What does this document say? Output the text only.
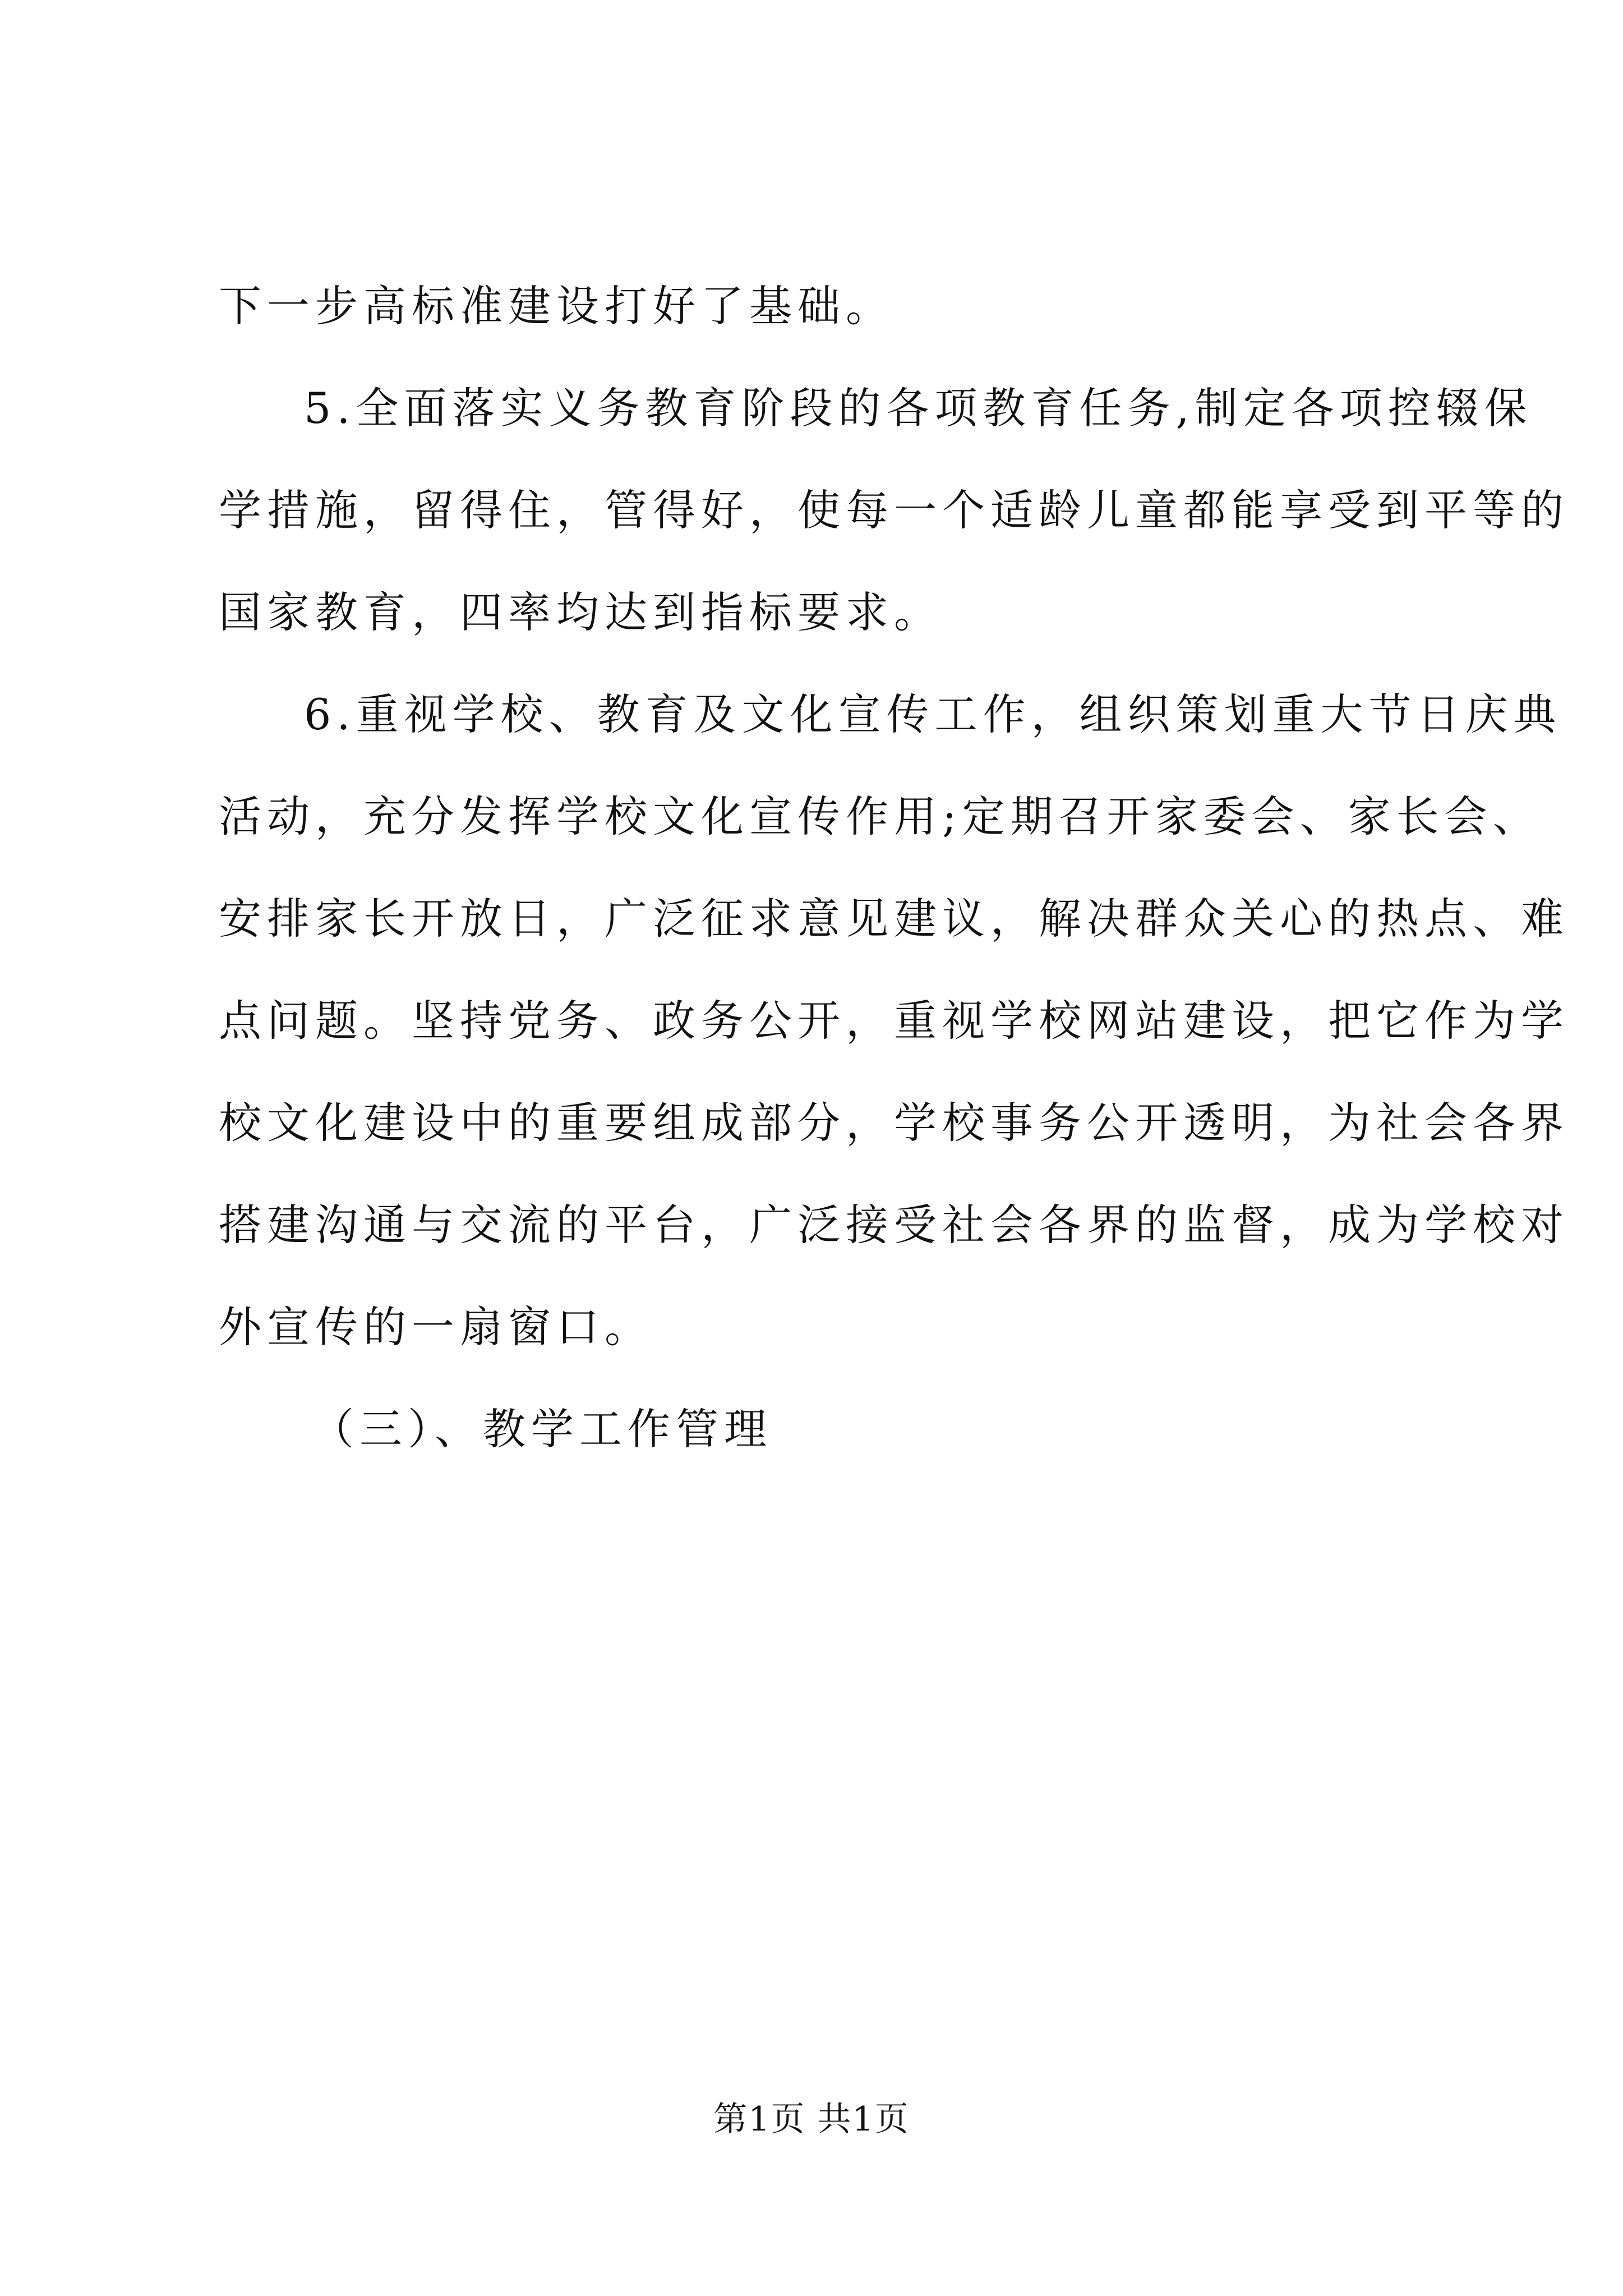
下一步高标准建设打好了基础。
5.全面落实义务教育阶段的各项教育任务,制定各项控辍保
学措施，留得住，管得好，使每一个适龄儿童都能享受到平等的
国家教育，四率均达到指标要求。
6.重视学校、教育及文化宣传工作，组织策划重大节日庆典
活动，充分发挥学校文化宣传作用;定期召开家委会、家长会、
安排家长开放日，广泛征求意见建议，解决群众关心的热点、难
点问题。坚持党务、政务公开，重视学校网站建设，把它作为学
校文化建设中的重要组成部分，学校事务公开透明，为社会各界
搭建沟通与交流的平台，广泛接受社会各界的监督，成为学校对
外宣传的一扇窗口。
（三）、教学工作管理
第1页 共1页
